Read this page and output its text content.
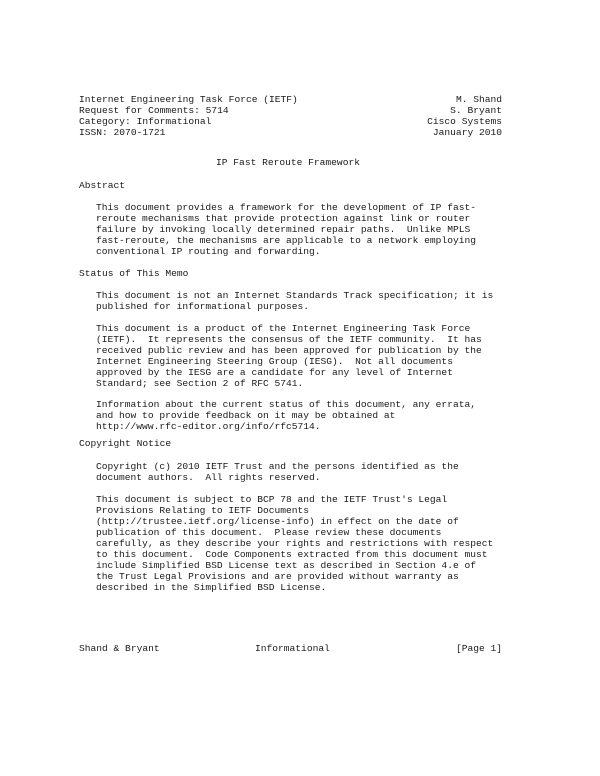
Internet Engineering Task Force (IETF)
Request for Comments: 5714
Category: Informational
ISSN: 2070-1721
M. Shand
S. Bryant
Cisco Systems
January 2010
IP Fast Reroute Framework
Abstract
This document provides a framework for the development of IP fast-
reroute mechanisms that provide protection against link or router
failure by invoking locally determined repair paths.  Unlike MPLS
fast-reroute, the mechanisms are applicable to a network employing
conventional IP routing and forwarding.
Status of This Memo
This document is not an Internet Standards Track specification; it is
published for informational purposes.
This document is a product of the Internet Engineering Task Force
(IETF).  It represents the consensus of the IETF community.  It has
received public review and has been approved for publication by the
Internet Engineering Steering Group (IESG).  Not all documents
approved by the IESG are a candidate for any level of Internet
Standard; see Section 2 of RFC 5741.
Information about the current status of this document, any errata,
and how to provide feedback on it may be obtained at
http://www.rfc-editor.org/info/rfc5714.
Copyright Notice
Copyright (c) 2010 IETF Trust and the persons identified as the
document authors.  All rights reserved.
This document is subject to BCP 78 and the IETF Trust's Legal
Provisions Relating to IETF Documents
(http://trustee.ietf.org/license-info) in effect on the date of
publication of this document.  Please review these documents
carefully, as they describe your rights and restrictions with respect
to this document.  Code Components extracted from this document must
include Simplified BSD License text as described in Section 4.e of
the Trust Legal Provisions and are provided without warranty as
described in the Simplified BSD License.
Shand & Bryant	Informational	[Page 1]
